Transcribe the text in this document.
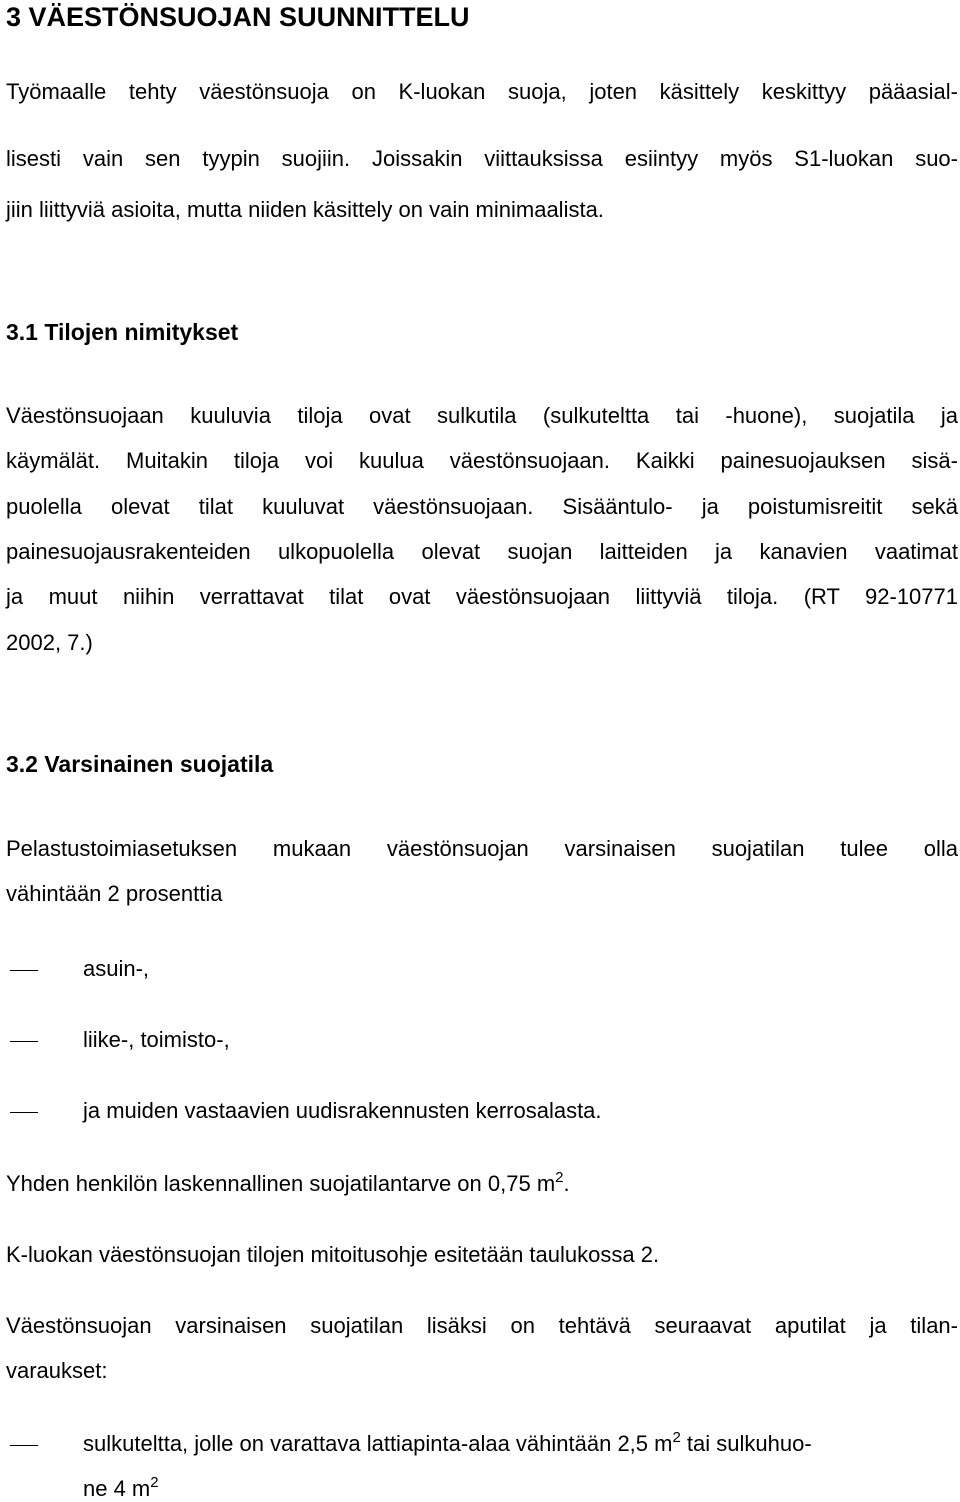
3 VÄESTÖNSUOJAN SUUNNITTELU
Työmaalle tehty väestönsuoja on K-luokan suoja, joten käsittely keskittyy pääasial-
lisesti vain sen tyypin suojiin. Joissakin viittauksissa esiintyy myös S1-luokan suo-
jiin liittyviä asioita, mutta niiden käsittely on vain minimaalista.
3.1 Tilojen nimitykset
Väestönsuojaan kuuluvia tiloja ovat sulkutila (sulkuteltta tai -huone), suojatila ja
käymälät. Muitakin tiloja voi kuulua väestönsuojaan. Kaikki painesuojauksen sisä-
puolella olevat tilat kuuluvat väestönsuojaan. Sisääntulo- ja poistumisreitit sekä
painesuojausrakenteiden ulkopuolella olevat suojan laitteiden ja kanavien vaatimat
ja muut niihin verrattavat tilat ovat väestönsuojaan liittyviä tiloja. (RT 92-10771
2002, 7.)
3.2 Varsinainen suojatila
Pelastustoimiasetuksen mukaan väestönsuojan varsinaisen suojatilan tulee olla
vähintään 2 prosenttia
asuin-,
liike-, toimisto-,
ja muiden vastaavien uudisrakennusten kerrosalasta.
Yhden henkilön laskennallinen suojatilantarve on 0,75 $m^2$.
K-luokan väestönsuojan tilojen mitoitusohje esitetään taulukossa 2.
Väestönsuojan varsinaisen suojatilan lisäksi on tehtävä seuraavat aputilat ja tilan-
varaukset:
sulkuteltta, jolle on varattava lattiapinta-alaa vähintään 2,5 $m^2$ tai sulkuhuo-
ne 4 $m^2$
